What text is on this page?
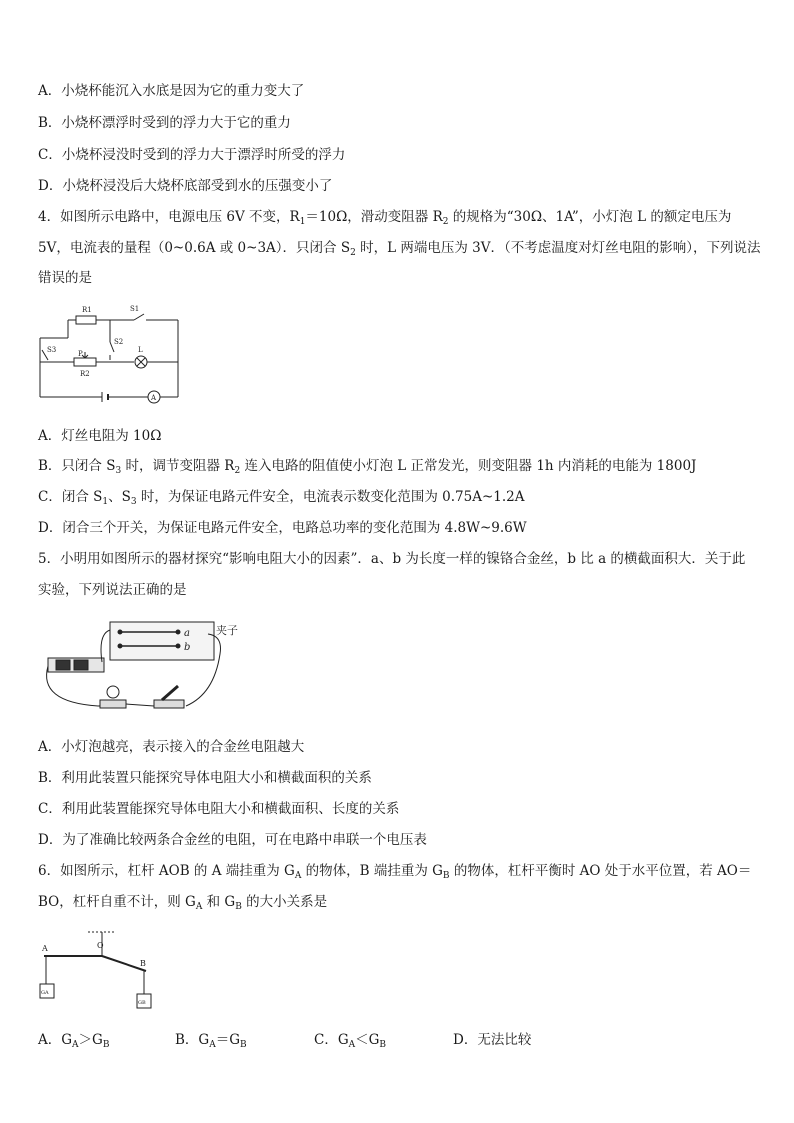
A．小烧杯能沉入水底是因为它的重力变大了
B．小烧杯漂浮时受到的浮力大于它的重力
C．小烧杯浸没时受到的浮力大于漂浮时所受的浮力
D．小烧杯浸没后大烧杯底部受到水的压强变小了
4．如图所示电路中，电源电压 6V 不变，$R_1=10\Omega$，滑动变阻器 $R_2$ 的规格为“30Ω、1A”，小灯泡 L 的额定电压为
5V，电流表的量程（0~0.6A 或 0~3A）．只闭合 $S_2$ 时，L 两端电压为 3V．（不考虑温度对灯丝电阻的影响），下列说法
错误的是
R1	S1
S2
S3	P
R2
L
A
A．灯丝电阻为 10Ω
B．只闭合 $S_3$ 时，调节变阻器 $R_2$ 连入电路的阻值使小灯泡 L 正常发光，则变阻器 1h 内消耗的电能为 1800J
C．闭合 $S_1$、$S_3$ 时，为保证电路元件安全，电流表示数变化范围为 0.75A~1.2A
D．闭合三个开关，为保证电路元件安全，电路总功率的变化范围为 4.8W~9.6W
5．小明用如图所示的器材探究“影响电阻大小的因素”．a、b 为长度一样的镍铬合金丝，b 比 a 的横截面积大．关于此
实验，下列说法正确的是
a
b
夹子
A．小灯泡越亮，表示接入的合金丝电阻越大
B．利用此装置只能探究导体电阻大小和横截面积的关系
C．利用此装置能探究导体电阻大小和横截面积、长度的关系
D．为了准确比较两条合金丝的电阻，可在电路中串联一个电压表
6．如图所示，杠杆 AOB 的 A 端挂重为 $G_A$ 的物体，B 端挂重为 $G_B$ 的物体，杠杆平衡时 AO 处于水平位置，若 AO＝
BO，杠杆自重不计，则 $G_A$ 和 $G_B$ 的大小关系是
A	O
B
GA
GB
A．$G_A>G_B$	B．$G_A=G_B$	C．$G_A<G_B$	D．无法比较
